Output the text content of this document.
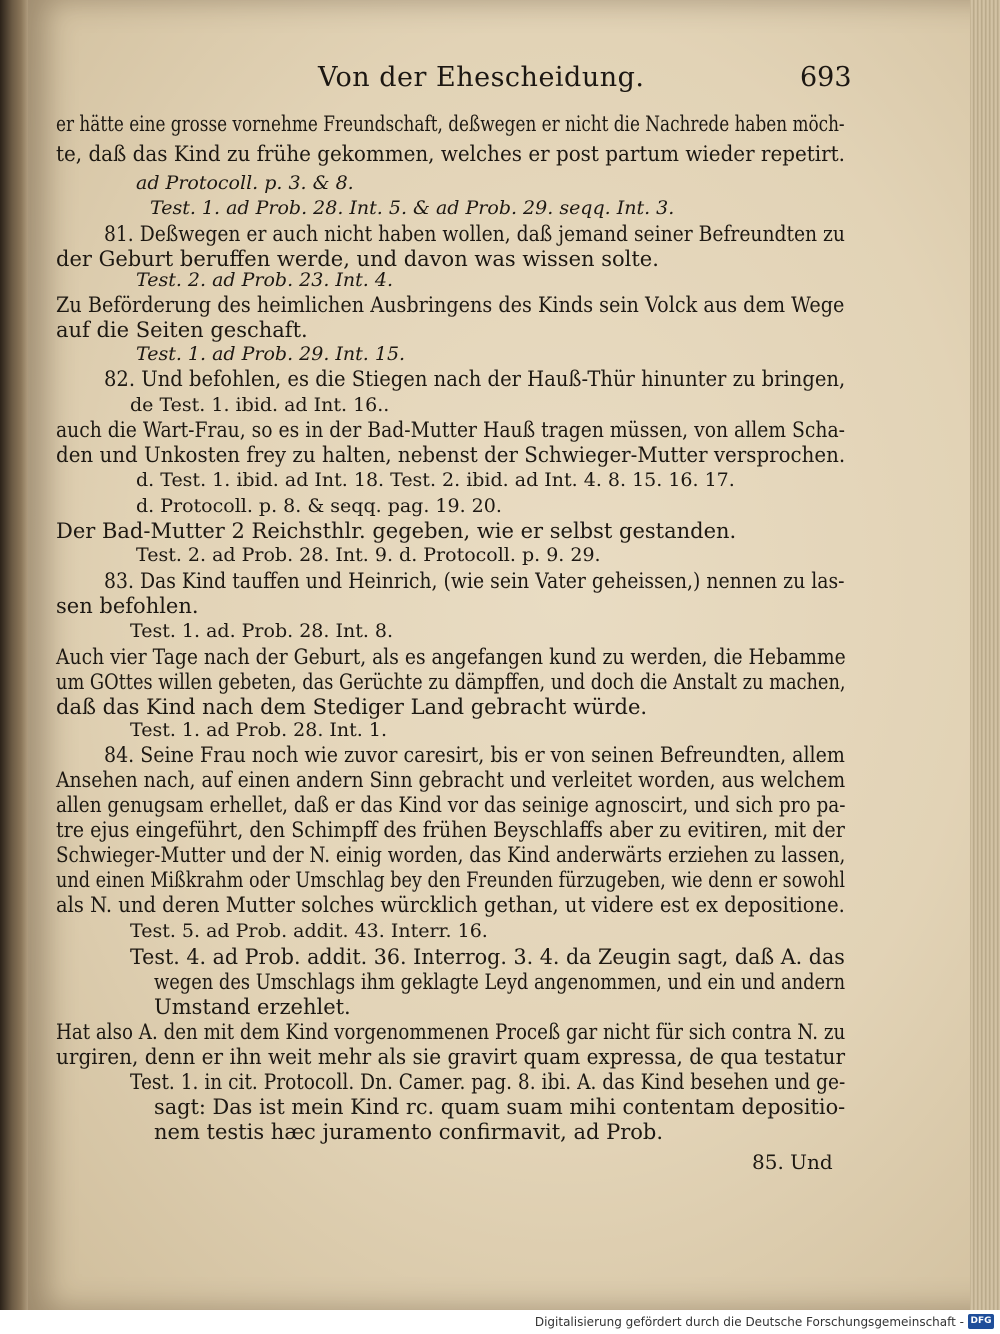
Von der Ehescheidung.	693
er hätte eine grosse vornehme Freundschaft, deßwegen er nicht die Nachrede haben möch-
te, daß das Kind zu frühe gekommen, welches er post partum wieder repetirt.
ad Protocoll. p. 3. & 8.
Test. 1. ad Prob. 28. Int. 5. & ad Prob. 29. seqq. Int. 3.
81. Deßwegen er auch nicht haben wollen, daß jemand seiner Befreundten zu
der Geburt beruffen werde, und davon was wissen solte.
Test. 2. ad Prob. 23. Int. 4.
Zu Beförderung des heimlichen Ausbringens des Kinds sein Volck aus dem Wege
auf die Seiten geschaft.
Test. 1. ad Prob. 29. Int. 15.
82. Und befohlen, es die Stiegen nach der Hauß-Thür hinunter zu bringen,
de Test. 1. ibid. ad Int. 16..
auch die Wart-Frau, so es in der Bad-Mutter Hauß tragen müssen, von allem Scha-
den und Unkosten frey zu halten, nebenst der Schwieger-Mutter versprochen.
d. Test. 1. ibid. ad Int. 18. Test. 2. ibid. ad Int. 4. 8. 15. 16. 17.
d. Protocoll. p. 8. & seqq. pag. 19. 20.
Der Bad-Mutter 2 Reichsthlr. gegeben, wie er selbst gestanden.
Test. 2. ad Prob. 28. Int. 9. d. Protocoll. p. 9. 29.
83. Das Kind tauffen und Heinrich, (wie sein Vater geheissen,) nennen zu las-
sen befohlen.
Test. 1. ad. Prob. 28. Int. 8.
Auch vier Tage nach der Geburt, als es angefangen kund zu werden, die Hebamme
um GOttes willen gebeten, das Gerüchte zu dämpffen, und doch die Anstalt zu machen,
daß das Kind nach dem Stediger Land gebracht würde.
Test. 1. ad Prob. 28. Int. 1.
84. Seine Frau noch wie zuvor caresirt, bis er von seinen Befreundten, allem
Ansehen nach, auf einen andern Sinn gebracht und verleitet worden, aus welchem
allen genugsam erhellet, daß er das Kind vor das seinige agnoscirt, und sich pro pa-
tre ejus eingeführt, den Schimpff des frühen Beyschlaffs aber zu evitiren, mit der
Schwieger-Mutter und der N. einig worden, das Kind anderwärts erziehen zu lassen,
und einen Mißkrahm oder Umschlag bey den Freunden fürzugeben, wie denn er sowohl
als N. und deren Mutter solches würcklich gethan, ut videre est ex depositione.
Test. 5. ad Prob. addit. 43. Interr. 16.
Test. 4. ad Prob. addit. 36. Interrog. 3. 4. da Zeugin sagt, daß A. das
wegen des Umschlags ihm geklagte Leyd angenommen, und ein und andern
Umstand erzehlet.
Hat also A. den mit dem Kind vorgenommenen Proceß gar nicht für sich contra N. zu
urgiren, denn er ihn weit mehr als sie gravirt quam expressa, de qua testatur
Test. 1. in cit. Protocoll. Dn. Camer. pag. 8. ibi. A. das Kind besehen und ge-
sagt: Das ist mein Kind rc. quam suam mihi contentam depositio-
nem testis hæc juramento confirmavit, ad Prob.
85. Und
Digitalisierung gefördert durch die Deutsche Forschungsgemeinschaft - DFG
